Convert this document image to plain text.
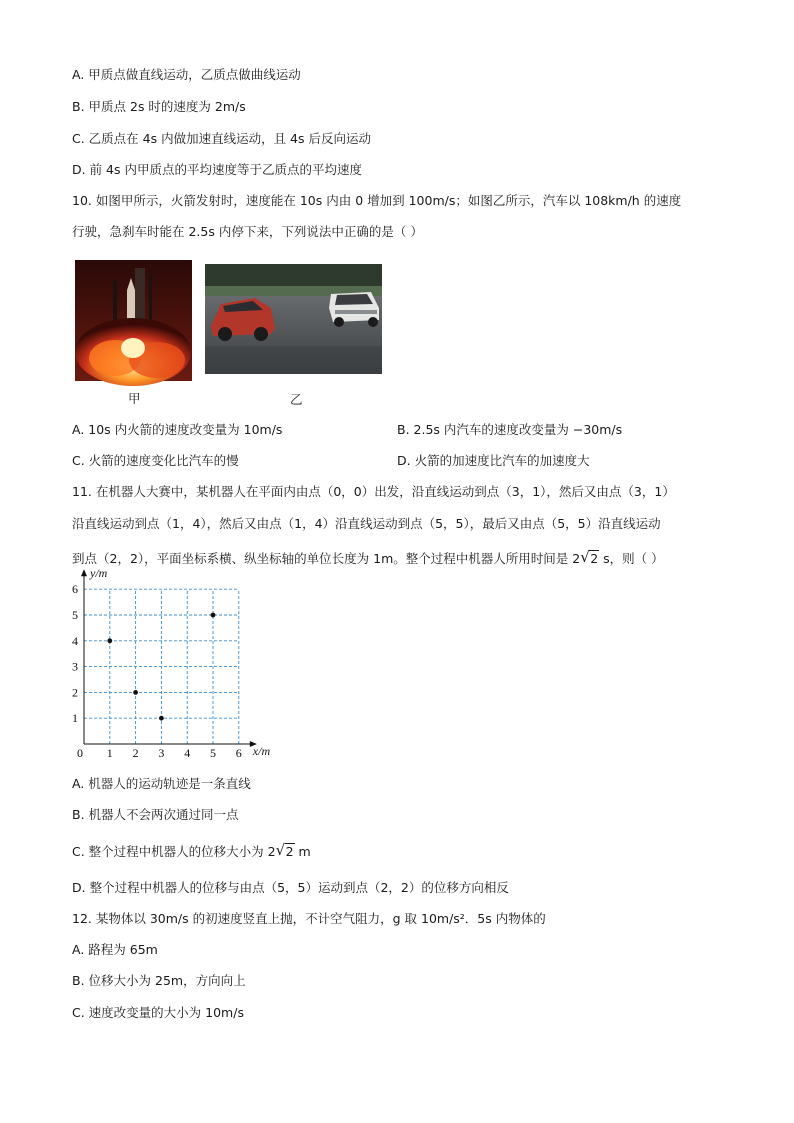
A. 甲质点做直线运动，乙质点做曲线运动
B. 甲质点 2s 时的速度为 2m/s
C. 乙质点在 4s 内做加速直线运动，且 4s 后反向运动
D. 前 4s 内甲质点的平均速度等于乙质点的平均速度
10. 如图甲所示，火箭发射时，速度能在 10s 内由 0 增加到 100m/s；如图乙所示，汽车以 108km/h 的速度
行驶，急刹车时能在 2.5s 内停下来，下列说法中正确的是（ ）
甲	乙
A. 10s 内火箭的速度改变量为 10m/s	B. 2.5s 内汽车的速度改变量为 −30m/s
C. 火箭的速度变化比汽车的慢	D. 火箭的加速度比汽车的加速度大
11. 在机器人大赛中，某机器人在平面内由点（0，0）出发，沿直线运动到点（3，1），然后又由点（3，1）
沿直线运动到点（1，4），然后又由点（1，4）沿直线运动到点（5，5），最后又由点（5，5）沿直线运动
到点（2，2），平面坐标系横、纵坐标轴的单位长度为 1m。整个过程中机器人所用时间是 2 √ 2 s，则（ ）
1 2 3 4 5 6
1
2
3
4
5
6
0	x/m
y/m
A. 机器人的运动轨迹是一条直线
B. 机器人不会两次通过同一点
C. 整个过程中机器人的位移大小为 2 √ 2 m
D. 整个过程中机器人的位移与由点（5，5）运动到点（2，2）的位移方向相反
12. 某物体以 30m/s 的初速度竖直上抛，不计空气阻力，g 取 10m/s²．5s 内物体的
A. 路程为 65m
B. 位移大小为 25m，方向向上
C. 速度改变量的大小为 10m/s
